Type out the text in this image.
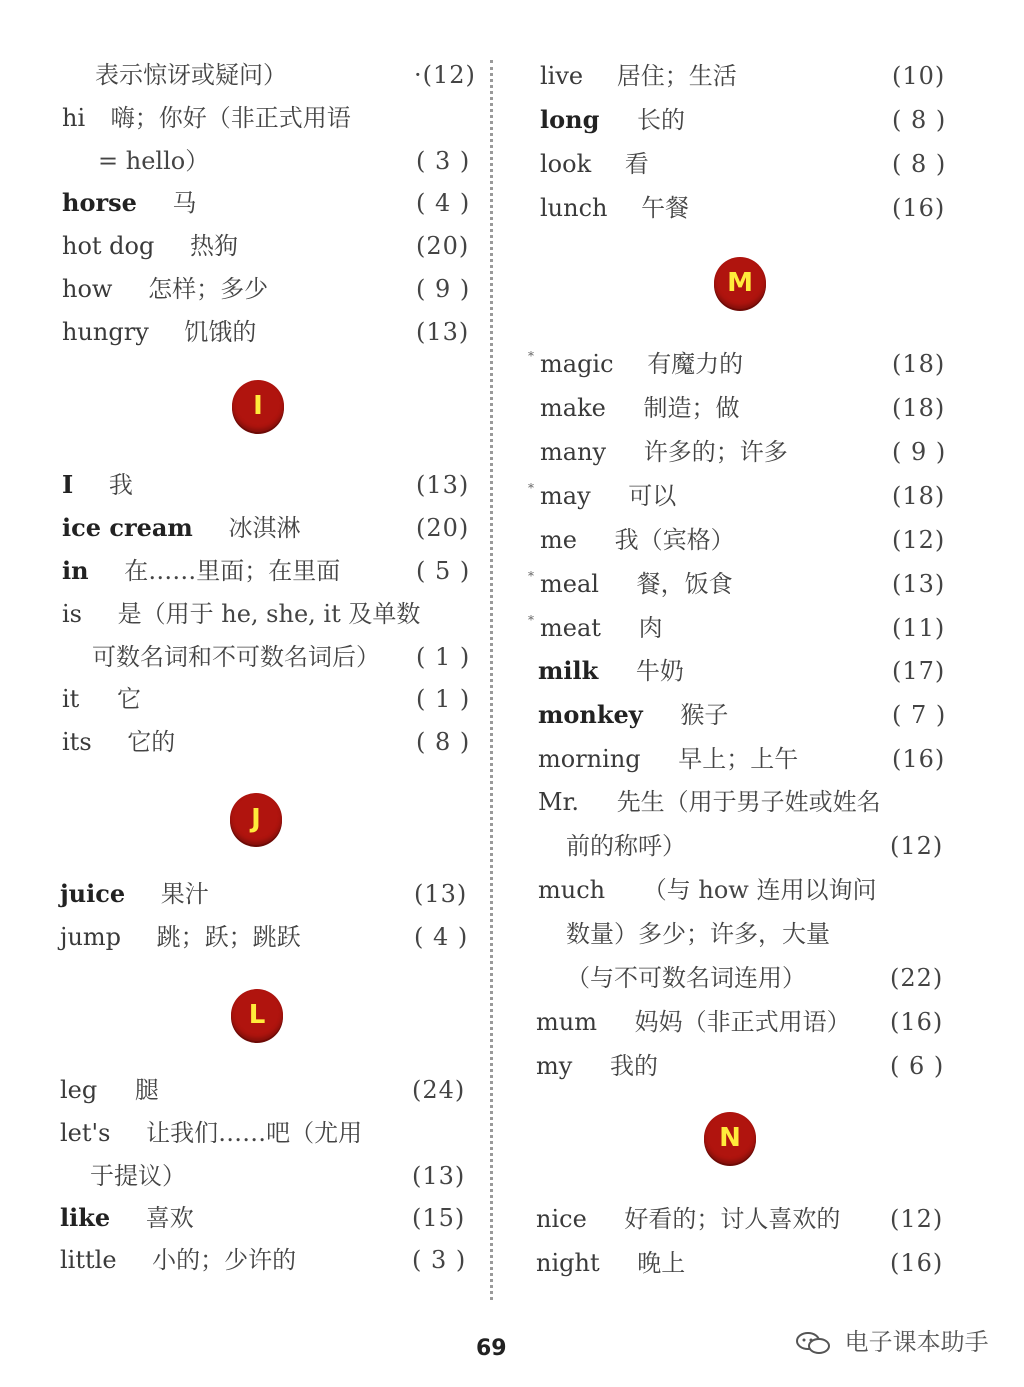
表示惊讶或疑问）	·(12)
hi 嗨；你好（非正式用语
= hello）	( 3 )
horse 马	( 4 )
hot dog 热狗	(20)
how 怎样；多少	( 9 )
hungry 饥饿的	(13)
I
I 我	(13)
ice cream 冰淇淋	(20)
in 在……里面；在里面	( 5 )
is 是（用于 he, she, it 及单数
可数名词和不可数名词后） ( 1 )
it 它	( 1 )
its 它的	( 8 )
J
juice 果汁	(13)
jump 跳；跃；跳跃	( 4 )
L
leg 腿	(24)
let's 让我们……吧（尤用
于提议）	(13)
like 喜欢	(15)
little 小的；少许的	( 3 )
live 居住；生活	(10)
long 长的	( 8 )
look 看	( 8 )
lunch 午餐	(16)
M
* magic 有魔力的	(18)
make 制造；做	(18)
many 许多的；许多	( 9 )
* may 可以	(18)
me 我（宾格）	(12)
* meal 餐，饭食	(13)
* meat 肉	(11)
milk 牛奶	(17)
monkey 猴子	( 7 )
morning 早上；上午	(16)
Mr. 先生（用于男子姓或姓名
前的称呼）	(12)
much （与 how 连用以询问
数量）多少；许多，大量
（与不可数名词连用）	(22)
mum 妈妈（非正式用语） (16)
my 我的	( 6 )
N
nice 好看的；讨人喜欢的 (12)
night 晚上	(16)
69	电子课本助手
